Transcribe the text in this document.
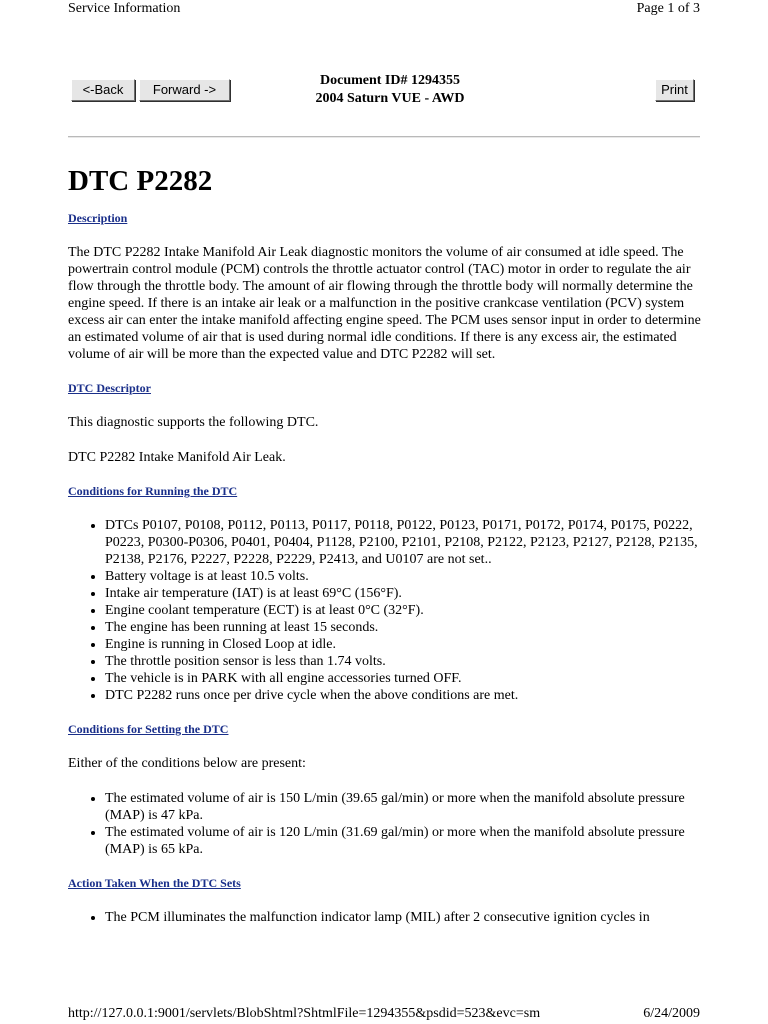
Service Information	Page 1 of 3
<-Back	Forward ->	Print
Document ID# 1294355
2004 Saturn VUE - AWD
DTC P2282
Description

The DTC P2282 Intake Manifold Air Leak diagnostic monitors the volume of air consumed at idle speed. The powertrain control module (PCM) controls the throttle actuator control (TAC) motor in order to regulate the air flow through the throttle body. The amount of air flowing through the throttle body will normally determine the engine speed. If there is an intake air leak or a malfunction in the positive crankcase ventilation (PCV) system excess air can enter the intake manifold affecting engine speed. The PCM uses sensor input in order to determine an estimated volume of air that is used during normal idle conditions. If there is any excess air, the estimated volume of air will be more than the expected value and DTC P2282 will set.

DTC Descriptor

This diagnostic supports the following DTC.

DTC P2282 Intake Manifold Air Leak.

Conditions for Running the DTC
• DTCs P0107, P0108, P0112, P0113, P0117, P0118, P0122, P0123, P0171, P0172, P0174, P0175, P0222, P0223, P0300-P0306, P0401, P0404, P1128, P2100, P2101, P2108, P2122, P2123, P2127, P2128, P2135, P2138, P2176, P2227, P2228, P2229, P2413, and U0107 are not set..
• Battery voltage is at least 10.5 volts.
• Intake air temperature (IAT) is at least 69°C (156°F).
• Engine coolant temperature (ECT) is at least 0°C (32°F).
• The engine has been running at least 15 seconds.
• Engine is running in Closed Loop at idle.
• The throttle position sensor is less than 1.74 volts.
• The vehicle is in PARK with all engine accessories turned OFF.
• DTC P2282 runs once per drive cycle when the above conditions are met.
Conditions for Setting the DTC

Either of the conditions below are present:

• The estimated volume of air is 150 L/min (39.65 gal/min) or more when the manifold absolute pressure (MAP) is 47 kPa.
• The estimated volume of air is 120 L/min (31.69 gal/min) or more when the manifold absolute pressure (MAP) is 65 kPa.
Action Taken When the DTC Sets
• The PCM illuminates the malfunction indicator lamp (MIL) after 2 consecutive ignition cycles in
http://127.0.0.1:9001/servlets/BlobShtml?ShtmlFile=1294355&psdid=523&evc=sm	6/24/2009
